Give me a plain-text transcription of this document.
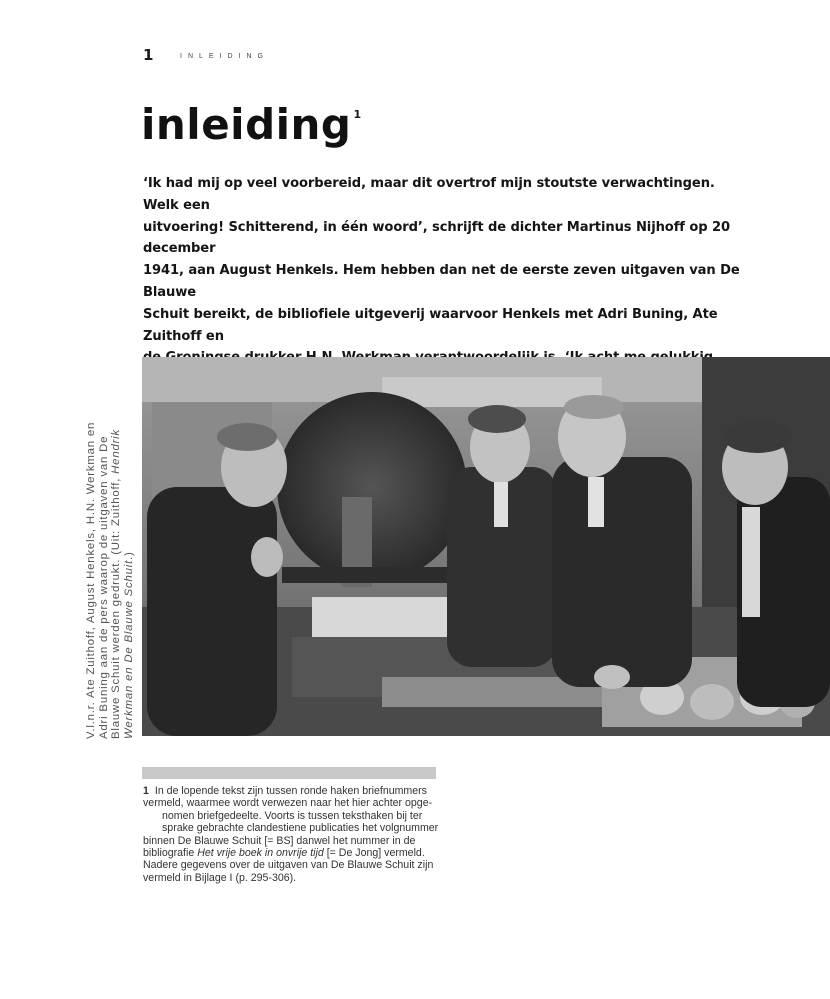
1	INLEIDING
inleiding $^1$

‘Ik had mij op veel voorbereid, maar dit overtrof mijn stoutste verwachtingen. Welk een
uitvoering! Schitterend, in één woord’, schrijft de dichter Martinus Nijhoff op 20 december
1941, aan August Henkels. Hem hebben dan net de eerste zeven uitgaven van De Blauwe
Schuit bereikt, de bibliofiele uitgeverij waarvoor Henkels met Adri Buning, Ate Zuithoff en

V.l.n.r. Ate Zuithoff, August Henkels, H.N. Werkman en
Adri Buning aan de pers waarop de uitgaven van De
Blauwe Schuit werden gedrukt. (Uit: Zuithoff, Hendrik
Werkman en De Blauwe Schuit.)
1 In de lopende tekst zijn tussen ronde haken briefnummers
vermeld, waarmee wordt verwezen naar het hier achter opge-
nomen briefgedeelte. Voorts is tussen teksthaken bij ter
sprake gebrachte clandestiene publicaties het volgnummer
binnen De Blauwe Schuit [= BS] danwel het nummer in de
bibliografie Het vrije boek in onvrije tijd [= De Jong] vermeld.
Nadere gegevens over de uitgaven van De Blauwe Schuit zijn
vermeld in Bijlage I (p. 295-306).
